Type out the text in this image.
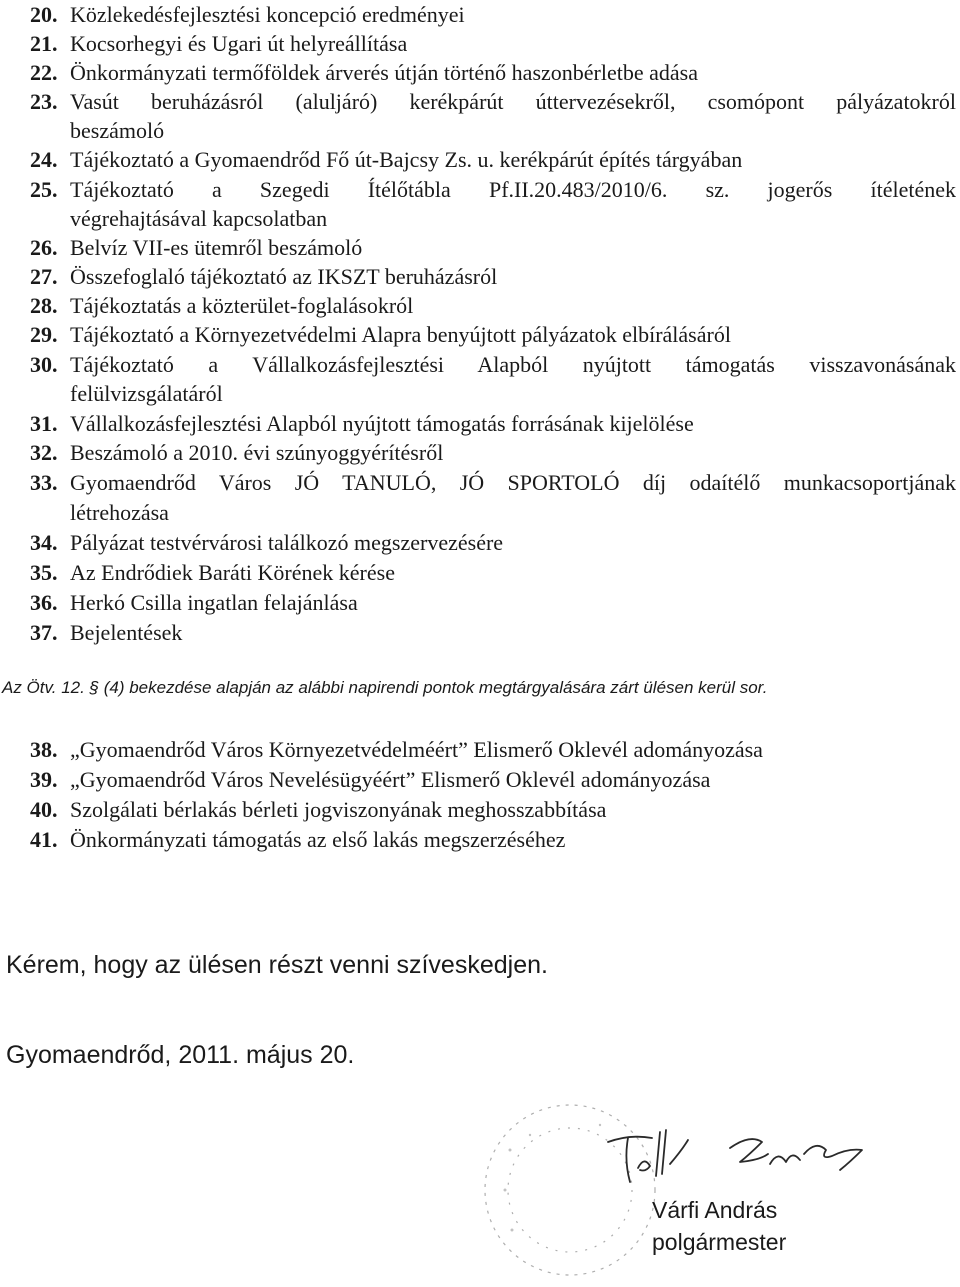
20. Közlekedésfejlesztési koncepció eredményei
21. Kocsorhegyi és Ugari út helyreállítása
22. Önkormányzati termőföldek árverés útján történő haszonbérletbe adása
23. Vasút beruházásról (aluljáró) kerékpárút úttervezésekről, csomópont pályázatokról
beszámoló
24. Tájékoztató a Gyomaendrőd Fő út-Bajcsy Zs. u. kerékpárút építés tárgyában
25. Tájékoztató a Szegedi Ítélőtábla Pf.II.20.483/2010/6. sz. jogerős ítéletének
végrehajtásával kapcsolatban
26. Belvíz VII-es ütemről beszámoló
27. Összefoglaló tájékoztató az IKSZT beruházásról
28. Tájékoztatás a közterület-foglalásokról
29. Tájékoztató a Környezetvédelmi Alapra benyújtott pályázatok elbírálásáról
30. Tájékoztató a Vállalkozásfejlesztési Alapból nyújtott támogatás visszavonásának
felülvizsgálatáról
31. Vállalkozásfejlesztési Alapból nyújtott támogatás forrásának kijelölése
32. Beszámoló a 2010. évi szúnyoggyérítésről
33. Gyomaendrőd Város JÓ TANULÓ, JÓ SPORTOLÓ díj odaítélő munkacsoportjának
létrehozása
34. Pályázat testvérvárosi találkozó megszervezésére
35. Az Endrődiek Baráti Körének kérése
36. Herkó Csilla ingatlan felajánlása
37. Bejelentések
Az Ötv. 12. § (4) bekezdése alapján az alábbi napirendi pontok megtárgyalására zárt ülésen kerül sor.
38. „Gyomaendrőd Város Környezetvédelméért” Elismerő Oklevél adományozása
39. „Gyomaendrőd Város Nevelésügyéért” Elismerő Oklevél adományozása
40. Szolgálati bérlakás bérleti jogviszonyának meghosszabbítása
41. Önkormányzati támogatás az első lakás megszerzéséhez
Kérem, hogy az ülésen részt venni szíveskedjen.
Gyomaendrőd, 2011. május 20.
Várfi András
polgármester
